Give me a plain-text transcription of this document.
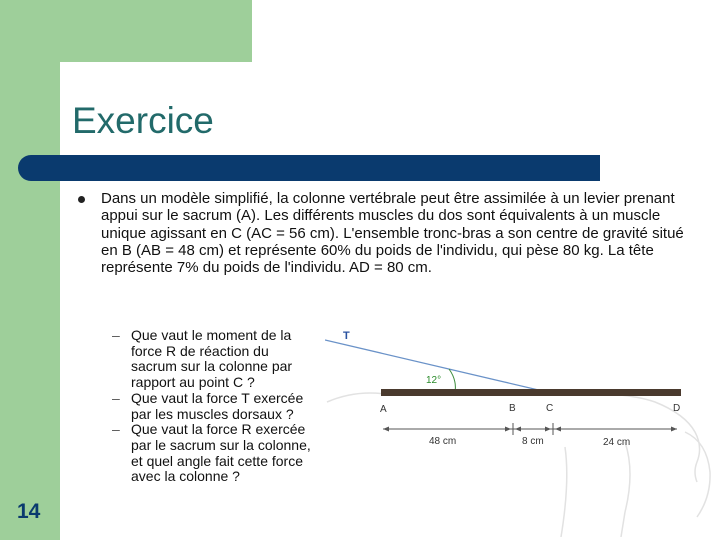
Exercice

Dans un modèle simplifié, la colonne vertébrale peut être assimilée à un levier prenant appui sur le sacrum (A). Les différents muscles du dos sont équivalents à un muscle unique agissant en C (AC = 56 cm). L'ensemble tronc-bras a son centre de gravité situé en B (AB = 48 cm) et représente 60% du poids de l'individu, qui pèse 80 kg. La tête représente 7% du poids de l'individu. AD = 80 cm.

– Que vaut le moment de la force R de réaction du sacrum sur la colonne par rapport au point C ?
– Que vaut la force T exercée par les muscles dorsaux ?
– Que vaut la force R exercée par le sacrum sur la colonne, et quel angle fait cette force avec la colonne ?
T
12°
A	B	C	D
48 cm	8 cm	24 cm
14
